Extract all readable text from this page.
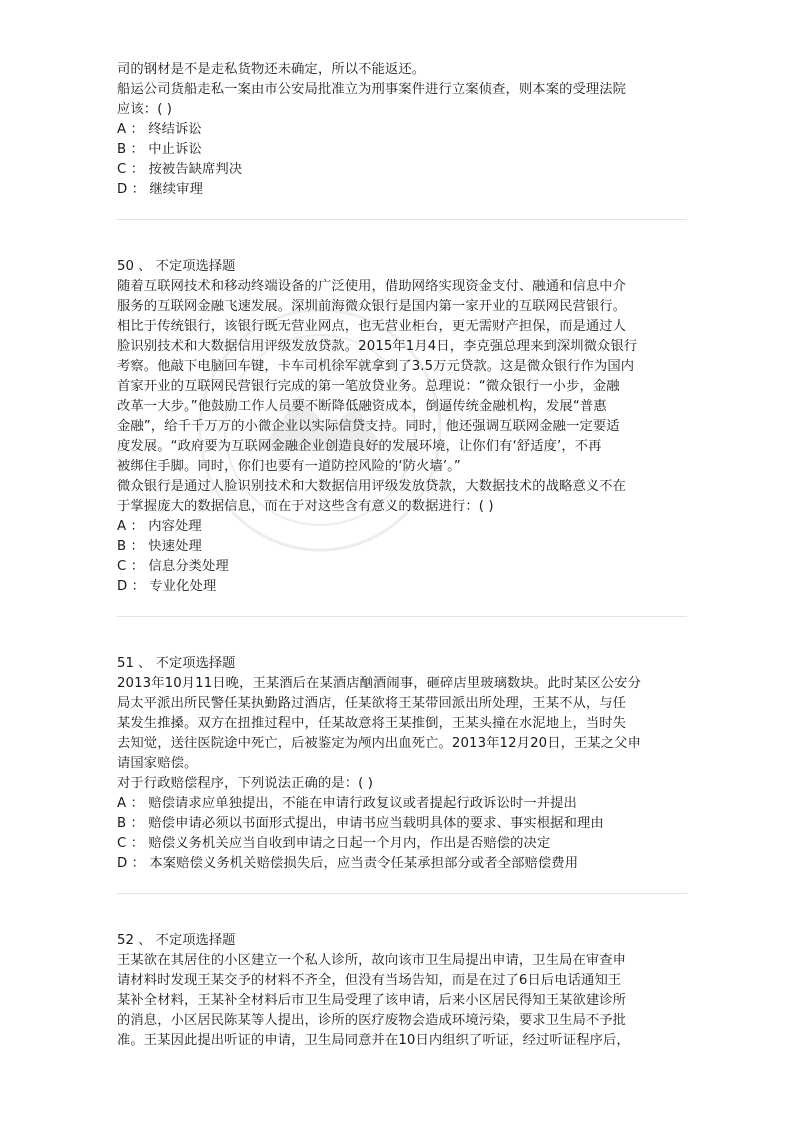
司的钢材是不是走私货物还未确定，所以不能返还。
船运公司货船走私一案由市公安局批准立为刑事案件进行立案侦查，则本案的受理法院
应该：( )
A ： 终结诉讼
B ： 中止诉讼
C ： 按被告缺席判决
D ： 继续审理
50 、 不定项选择题
随着互联网技术和移动终端设备的广泛使用，借助网络实现资金支付、融通和信息中介
服务的互联网金融飞速发展。深圳前海微众银行是国内第一家开业的互联网民营银行。
相比于传统银行，该银行既无营业网点，也无营业柜台，更无需财产担保，而是通过人
脸识别技术和大数据信用评级发放贷款。2015年1月4日，李克强总理来到深圳微众银行
考察。他敲下电脑回车键，卡车司机徐军就拿到了3.5万元贷款。这是微众银行作为国内
首家开业的互联网民营银行完成的第一笔放贷业务。总理说：“微众银行一小步，金融
改革一大步。”他鼓励工作人员要不断降低融资成本，倒逼传统金融机构，发展“普惠
金融”，给千千万万的小微企业以实际信贷支持。同时，他还强调互联网金融一定要适
度发展。“政府要为互联网金融企业创造良好的发展环境，让你们有‘舒适度’，不再
被绑住手脚。同时，你们也要有一道防控风险的‘防火墙’。”
微众银行是通过人脸识别技术和大数据信用评级发放贷款，大数据技术的战略意义不在
于掌握庞大的数据信息，而在于对这些含有意义的数据进行：( )
A ： 内容处理
B ： 快速处理
C ： 信息分类处理
D ： 专业化处理
51 、 不定项选择题
2013年10月11日晚，王某酒后在某酒店酗酒闹事，砸碎店里玻璃数块。此时某区公安分
局太平派出所民警任某执勤路过酒店，任某欲将王某带回派出所处理，王某不从，与任
某发生推搡。双方在扭推过程中，任某故意将王某推倒，王某头撞在水泥地上，当时失
去知觉，送往医院途中死亡，后被鉴定为颅内出血死亡。2013年12月20日，王某之父申
请国家赔偿。
对于行政赔偿程序，下列说法正确的是：( )
A ： 赔偿请求应单独提出，不能在申请行政复议或者提起行政诉讼时一并提出
B ： 赔偿申请必须以书面形式提出，申请书应当载明具体的要求、事实根据和理由
C ： 赔偿义务机关应当自收到申请之日起一个月内，作出是否赔偿的决定
D ： 本案赔偿义务机关赔偿损失后，应当责令任某承担部分或者全部赔偿费用
52 、 不定项选择题
王某欲在其居住的小区建立一个私人诊所，故向该市卫生局提出申请，卫生局在审查申
请材料时发现王某交予的材料不齐全，但没有当场告知，而是在过了6日后电话通知王
某补全材料，王某补全材料后市卫生局受理了该申请，后来小区居民得知王某欲建诊所
的消息，小区居民陈某等人提出，诊所的医疗废物会造成环境污染，要求卫生局不予批
准。王某因此提出听证的申请，卫生局同意并在10日内组织了听证，经过听证程序后，
